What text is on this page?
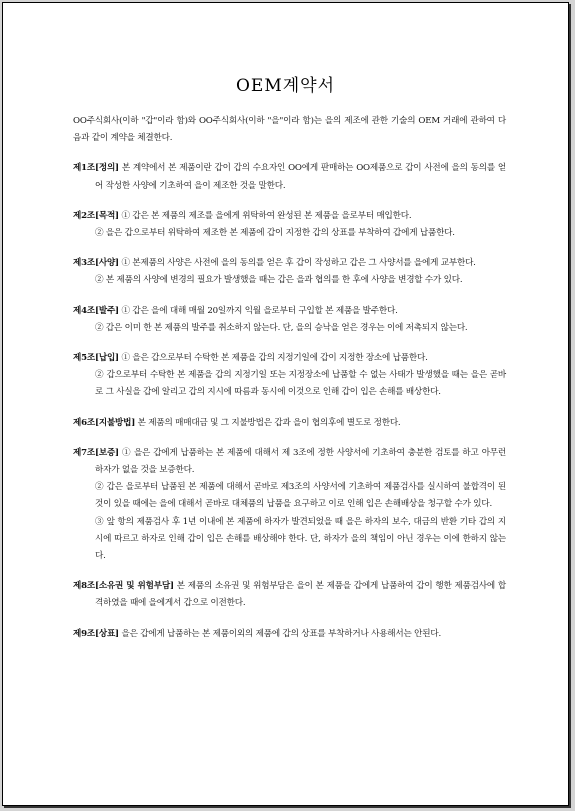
OEM계약서

OO주식회사(이하 "갑"이라 함)와 OO주식회사(이하 "을"이라 함)는 을의 제조에 관한 기술의 OEM 거래에 관하여 다음과 같이 계약을 체결한다.

제1조[정의] 본 계약에서 본 제품이란 갑이 갑의 수요자인 OO에게 판매하는 OO제품으로 갑이 사전에 을의 동의를 얻어 작성한 사양에 기초하여 을이 제조한 것을 말한다.

제2조[목적] ① 갑은 본 제품의 제조를 을에게 위탁하여 완성된 본 제품을 을로부터 매입한다.

② 을은 갑으로부터 위탁하여 제조한 본 제품에 갑이 지정한 갑의 상표를 부착하여 갑에게 납품한다.

제3조[사양] ① 본제품의 사양은 사전에 을의 동의를 얻은 후 갑이 작성하고 갑은 그 사양서를 을에게 교부한다.

② 본 제품의 사양에 변경의 필요가 발생했을 때는 갑은 을과 협의를 한 후에 사양을 변경할 수가 있다.

제4조[발주] ① 갑은 을에 대해 매월 20일까지 익월 을로부터 구입할 본 제품을 발주한다.

② 갑은 이미 한 본 제품의 발주를 취소하지 않는다. 단, 을의 승낙을 얻은 경우는 이에 저촉되지 않는다.

제5조[납입] ① 을은 갑으로부터 수탁한 본 제품을 갑의 지정기일에 갑이 지정한 장소에 납품한다.

② 갑으로부터 수탁한 본 제품을 갑의 지정기일 또는 지정장소에 납품할 수 없는 사태가 발생했을 때는 을은 곧바로 그 사실을 갑에 알리고 갑의 지시에 따름과 동시에 이것으로 인해 갑이 입은 손해를 배상한다.

제6조[지불방법] 본 제품의 매매대금 및 그 지불방법은 갑과 을이 협의후에 별도로 정한다.

제7조[보증] ① 을은 갑에게 납품하는 본 제품에 대해서 제 3조에 정한 사양서에 기초하여 충분한 검토를 하고 아무런 하자가 없을 것을 보증한다.

② 갑은 을로부터 납품된 본 제품에 대해서 곧바로 제3조의 사양서에 기초하여 제품검사를 실시하여 불합격이 된 것이 있을 때에는 을에 대해서 곧바로 대체품의 납품을 요구하고 이로 인해 입은 손해배상을 청구할 수가 있다.

③ 앞 항의 제품검사 후 1년 이내에 본 제품에 하자가 발견되었을 때 을은 하자의 보수, 대금의 반환 기타 갑의 지시에 따르고 하자로 인해 갑이 입은 손해를 배상해야 한다. 단, 하자가 을의 책임이 아닌 경우는 이에 한하지 않는다.

제8조[소유권 및 위험부담] 본 제품의 소유권 및 위험부담은 을이 본 제품을 갑에게 납품하여 갑이 행한 제품검사에 합격하였을 때에 을에게서 갑으로 이전한다.

제9조[상표] 을은 갑에게 납품하는 본 제품이외의 제품에 갑의 상표를 부착하거나 사용해서는 안된다.
